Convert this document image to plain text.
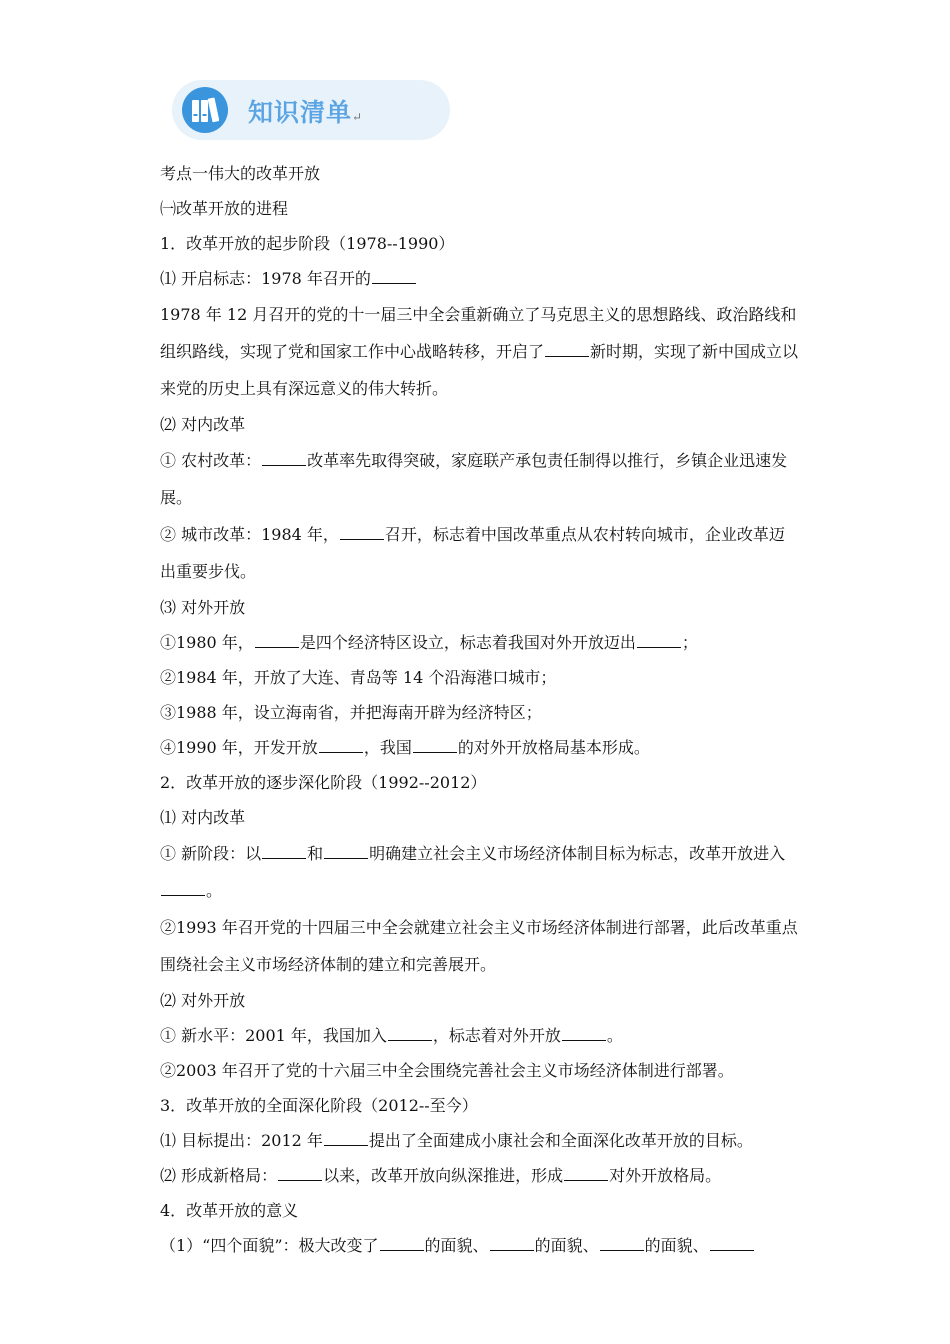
知识清单↵
考点一伟大的改革开放
㈠改革开放的进程
1．改革开放的起步阶段（1978--1990）
⑴ 开启标志：1978 年召开的
1978 年 12 月召开的党的十一届三中全会重新确立了马克思主义的思想路线、政治路线和组织路线，实现了党和国家工作中心战略转移，开启了	新时期，实现了新中国成立以来党的历史上具有深远意义的伟大转折。
⑵ 对内改革
① 农村改革：	改革率先取得突破，家庭联产承包责任制得以推行，乡镇企业迅速发展。
② 城市改革：1984 年，	召开，标志着中国改革重点从农村转向城市，企业改革迈出重要步伐。
⑶ 对外开放
①1980 年，	是四个经济特区设立，标志着我国对外开放迈出	；
②1984 年，开放了大连、青岛等 14 个沿海港口城市；
③1988 年，设立海南省，并把海南开辟为经济特区；
④1990 年，开发开放	，我国	的对外开放格局基本形成。
2．改革开放的逐步深化阶段（1992--2012）
⑴ 对内改革
① 新阶段：以	和	明确建立社会主义市场经济体制目标为标志，改革开放进入。
②1993 年召开党的十四届三中全会就建立社会主义市场经济体制进行部署，此后改革重点围绕社会主义市场经济体制的建立和完善展开。
⑵ 对外开放
① 新水平：2001 年，我国加入	，标志着对外开放	。
②2003 年召开了党的十六届三中全会围绕完善社会主义市场经济体制进行部署。
3．改革开放的全面深化阶段（2012--至今）
⑴ 目标提出：2012 年	提出了全面建成小康社会和全面深化改革开放的目标。
⑵ 形成新格局：	以来，改革开放向纵深推进，形成	对外开放格局。
4．改革开放的意义
（1）“四个面貌”：极大改变了	的面貌、	的面貌、	的面貌、
